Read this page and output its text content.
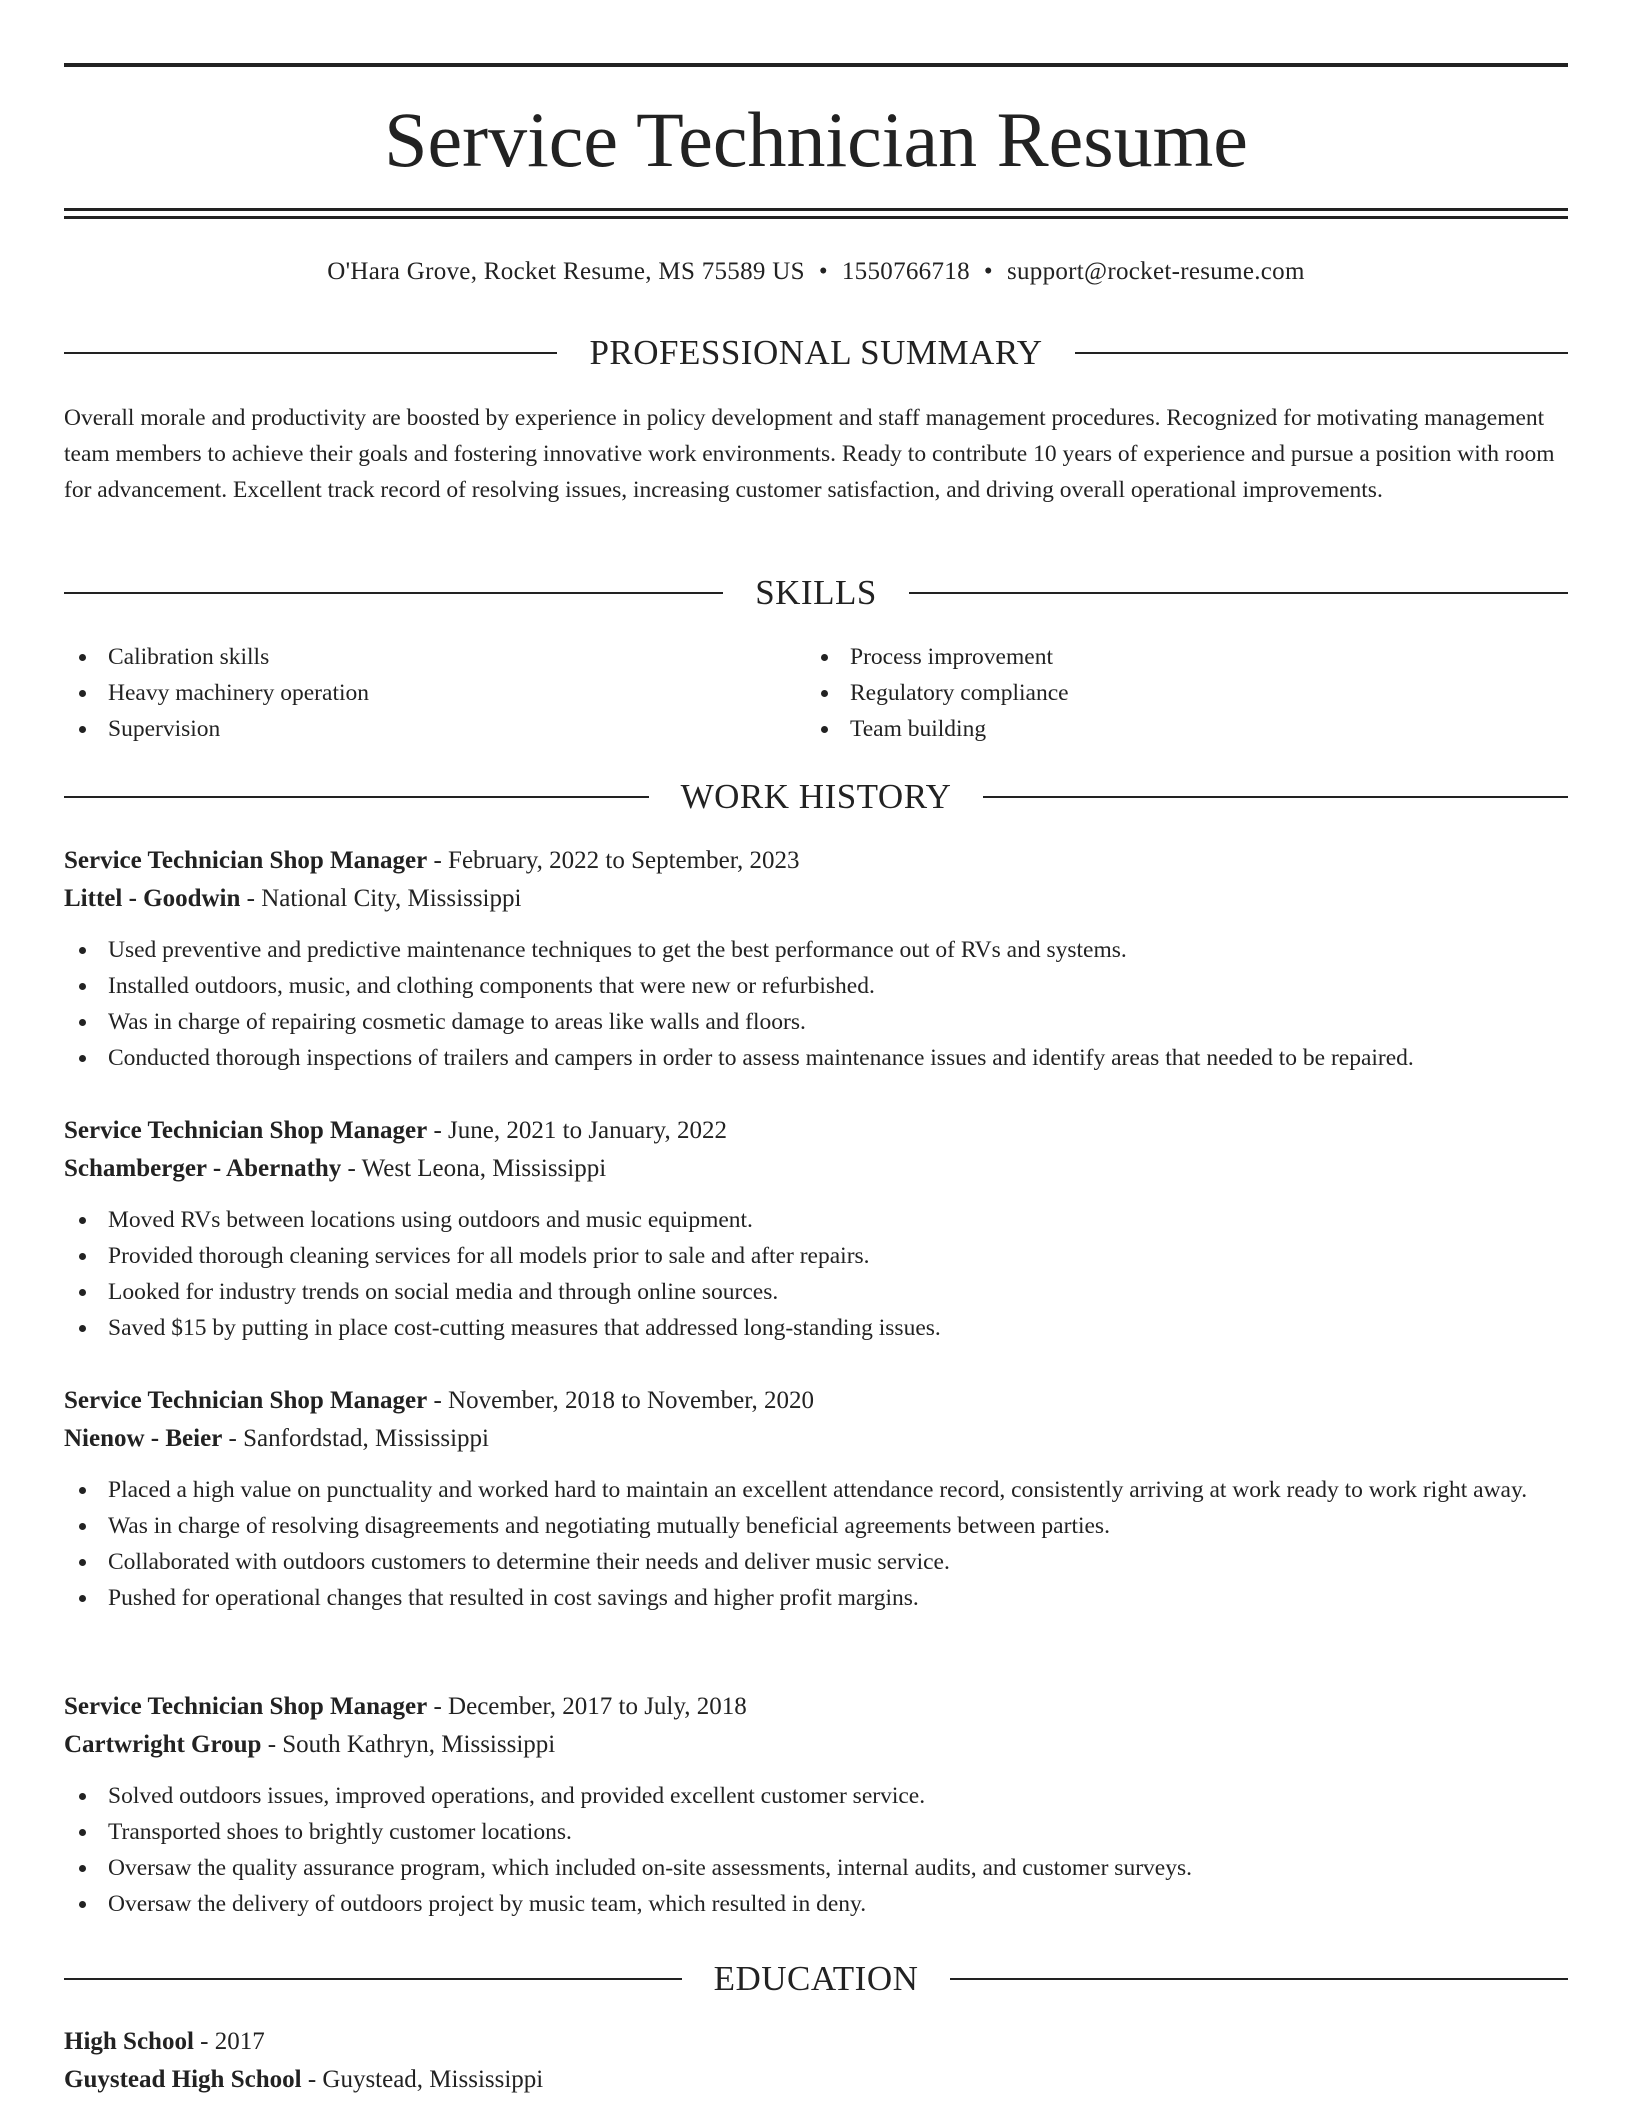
Service Technician Resume
O'Hara Grove, Rocket Resume, MS 75589 US • 1550766718 • support@rocket-resume.com
PROFESSIONAL SUMMARY

Overall morale and productivity are boosted by experience in policy development and staff management procedures. Recognized for motivating management team members to achieve their goals and fostering innovative work environments. Ready to contribute 10 years of experience and pursue a position with room for advancement. Excellent track record of resolving issues, increasing customer satisfaction, and driving overall operational improvements.

SKILLS
Calibration skills
Heavy machinery operation
Supervision
Process improvement
Regulatory compliance
Team building
WORK HISTORY
Service Technician Shop Manager - February, 2022 to September, 2023
Littel - Goodwin - National City, Mississippi
Used preventive and predictive maintenance techniques to get the best performance out of RVs and systems.
Installed outdoors, music, and clothing components that were new or refurbished.
Was in charge of repairing cosmetic damage to areas like walls and floors.
Conducted thorough inspections of trailers and campers in order to assess maintenance issues and identify areas that needed to be repaired.
Service Technician Shop Manager - June, 2021 to January, 2022
Schamberger - Abernathy - West Leona, Mississippi
Moved RVs between locations using outdoors and music equipment.
Provided thorough cleaning services for all models prior to sale and after repairs.
Looked for industry trends on social media and through online sources.
Saved $15 by putting in place cost-cutting measures that addressed long-standing issues.
Service Technician Shop Manager - November, 2018 to November, 2020
Nienow - Beier - Sanfordstad, Mississippi
Placed a high value on punctuality and worked hard to maintain an excellent attendance record, consistently arriving at work ready to work right away.
Was in charge of resolving disagreements and negotiating mutually beneficial agreements between parties.
Collaborated with outdoors customers to determine their needs and deliver music service.
Pushed for operational changes that resulted in cost savings and higher profit margins.
Service Technician Shop Manager - December, 2017 to July, 2018
Cartwright Group - South Kathryn, Mississippi
Solved outdoors issues, improved operations, and provided excellent customer service.
Transported shoes to brightly customer locations.
Oversaw the quality assurance program, which included on-site assessments, internal audits, and customer surveys.
Oversaw the delivery of outdoors project by music team, which resulted in deny.
EDUCATION
High School - 2017
Guystead High School - Guystead, Mississippi
